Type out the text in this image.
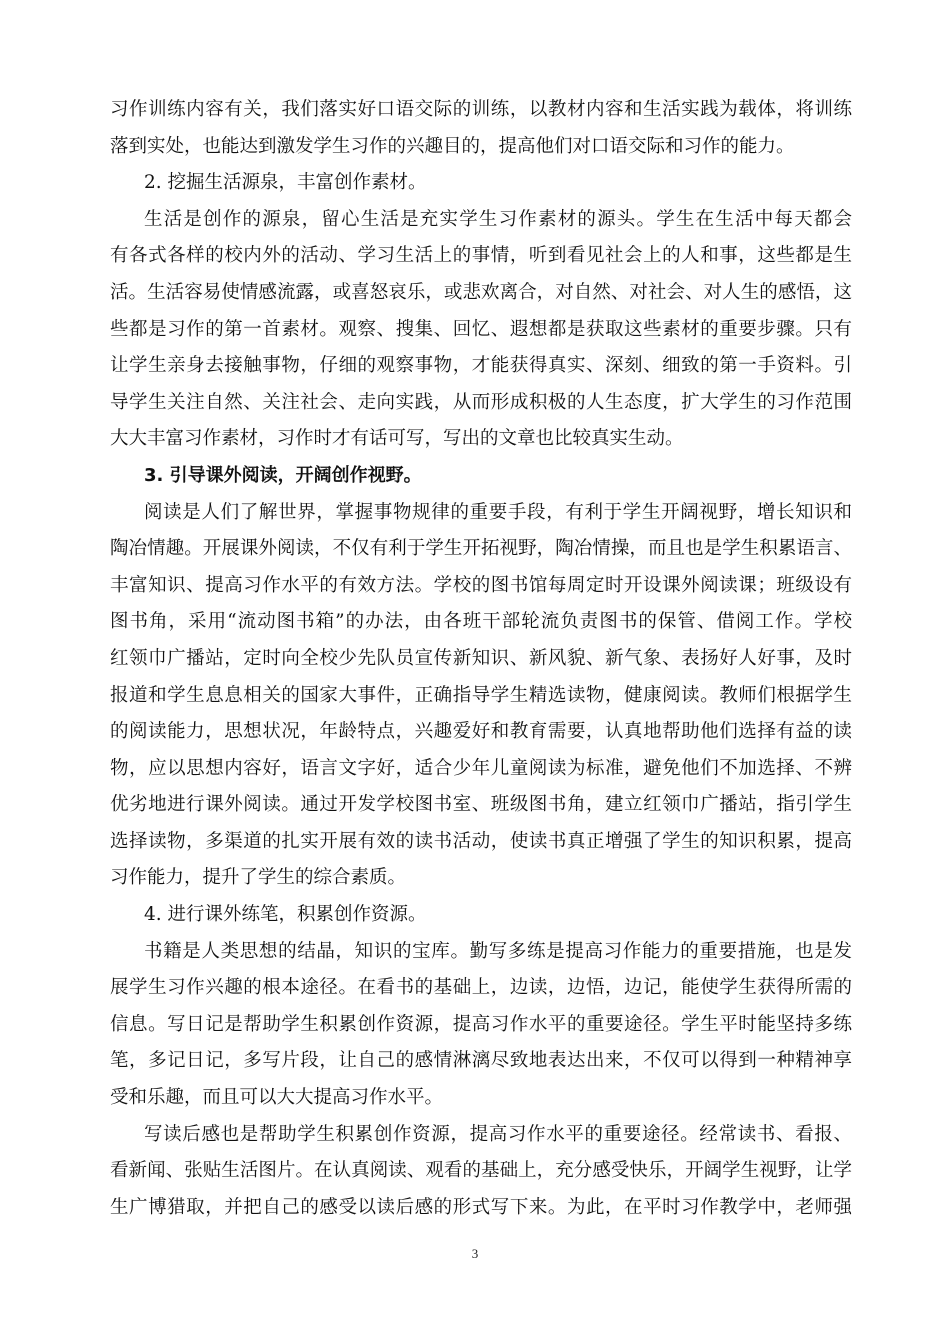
习作训练内容有关，我们落实好口语交际的训练，以教材内容和生活实践为载体，将训练
落到实处，也能达到激发学生习作的兴趣目的，提高他们对口语交际和习作的能力。
2. 挖掘生活源泉，丰富创作素材。
生活是创作的源泉，留心生活是充实学生习作素材的源头。学生在生活中每天都会
有各式各样的校内外的活动、学习生活上的事情，听到看见社会上的人和事，这些都是生
活。生活容易使情感流露，或喜怒哀乐，或悲欢离合，对自然、对社会、对人生的感悟，这
些都是习作的第一首素材。观察、搜集、回忆、遐想都是获取这些素材的重要步骤。只有
让学生亲身去接触事物，仔细的观察事物，才能获得真实、深刻、细致的第一手资料。引
导学生关注自然、关注社会、走向实践，从而形成积极的人生态度，扩大学生的习作范围
大大丰富习作素材，习作时才有话可写，写出的文章也比较真实生动。
3. 引导课外阅读，开阔创作视野。
阅读是人们了解世界，掌握事物规律的重要手段，有利于学生开阔视野，增长知识和
陶冶情趣。开展课外阅读，不仅有利于学生开拓视野，陶冶情操，而且也是学生积累语言、
丰富知识、提高习作水平的有效方法。学校的图书馆每周定时开设课外阅读课；班级设有
图书角，采用“流动图书箱”的办法，由各班干部轮流负责图书的保管、借阅工作。学校
红领巾广播站，定时向全校少先队员宣传新知识、新风貌、新气象、表扬好人好事，及时
报道和学生息息相关的国家大事件，正确指导学生精选读物，健康阅读。教师们根据学生
的阅读能力，思想状况，年龄特点，兴趣爱好和教育需要，认真地帮助他们选择有益的读
物，应以思想内容好，语言文字好，适合少年儿童阅读为标准，避免他们不加选择、不辨
优劣地进行课外阅读。通过开发学校图书室、班级图书角，建立红领巾广播站，指引学生
选择读物，多渠道的扎实开展有效的读书活动，使读书真正增强了学生的知识积累，提高
习作能力，提升了学生的综合素质。
4. 进行课外练笔，积累创作资源。
书籍是人类思想的结晶，知识的宝库。勤写多练是提高习作能力的重要措施，也是发
展学生习作兴趣的根本途径。在看书的基础上，边读，边悟，边记，能使学生获得所需的
信息。写日记是帮助学生积累创作资源，提高习作水平的重要途径。学生平时能坚持多练
笔，多记日记，多写片段，让自己的感情淋漓尽致地表达出来，不仅可以得到一种精神享
受和乐趣，而且可以大大提高习作水平。
写读后感也是帮助学生积累创作资源，提高习作水平的重要途径。经常读书、看报、
看新闻、张贴生活图片。在认真阅读、观看的基础上，充分感受快乐，开阔学生视野，让学
生广博猎取，并把自己的感受以读后感的形式写下来。为此，在平时习作教学中，老师强
3
